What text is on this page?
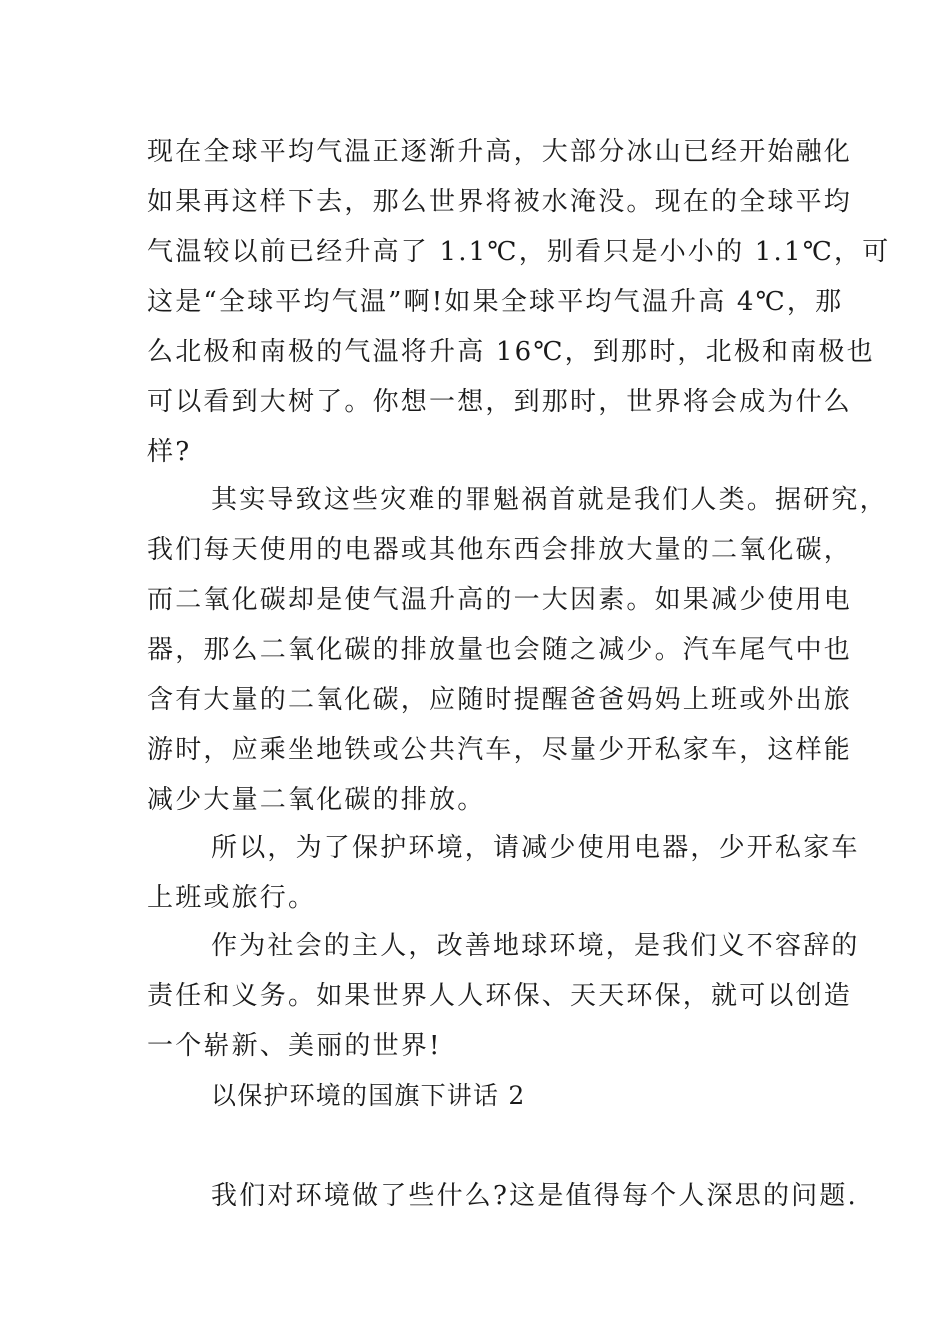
现在全球平均气温正逐渐升高，大部分冰山已经开始融化
如果再这样下去，那么世界将被水淹没。现在的全球平均
气温较以前已经升高了 1.1℃，别看只是小小的 1.1℃，可
这是“全球平均气温”啊!如果全球平均气温升高 4℃，那
么北极和南极的气温将升高 16℃，到那时，北极和南极也
可以看到大树了。你想一想，到那时，世界将会成为什么
样?
其实导致这些灾难的罪魁祸首就是我们人类。据研究，
我们每天使用的电器或其他东西会排放大量的二氧化碳，
而二氧化碳却是使气温升高的一大因素。如果减少使用电
器，那么二氧化碳的排放量也会随之减少。汽车尾气中也
含有大量的二氧化碳，应随时提醒爸爸妈妈上班或外出旅
游时，应乘坐地铁或公共汽车，尽量少开私家车，这样能
减少大量二氧化碳的排放。
所以，为了保护环境，请减少使用电器，少开私家车
上班或旅行。
作为社会的主人，改善地球环境，是我们义不容辞的
责任和义务。如果世界人人环保、天天环保，就可以创造
一个崭新、美丽的世界!
以保护环境的国旗下讲话 2
我们对环境做了些什么?这是值得每个人深思的问题.
